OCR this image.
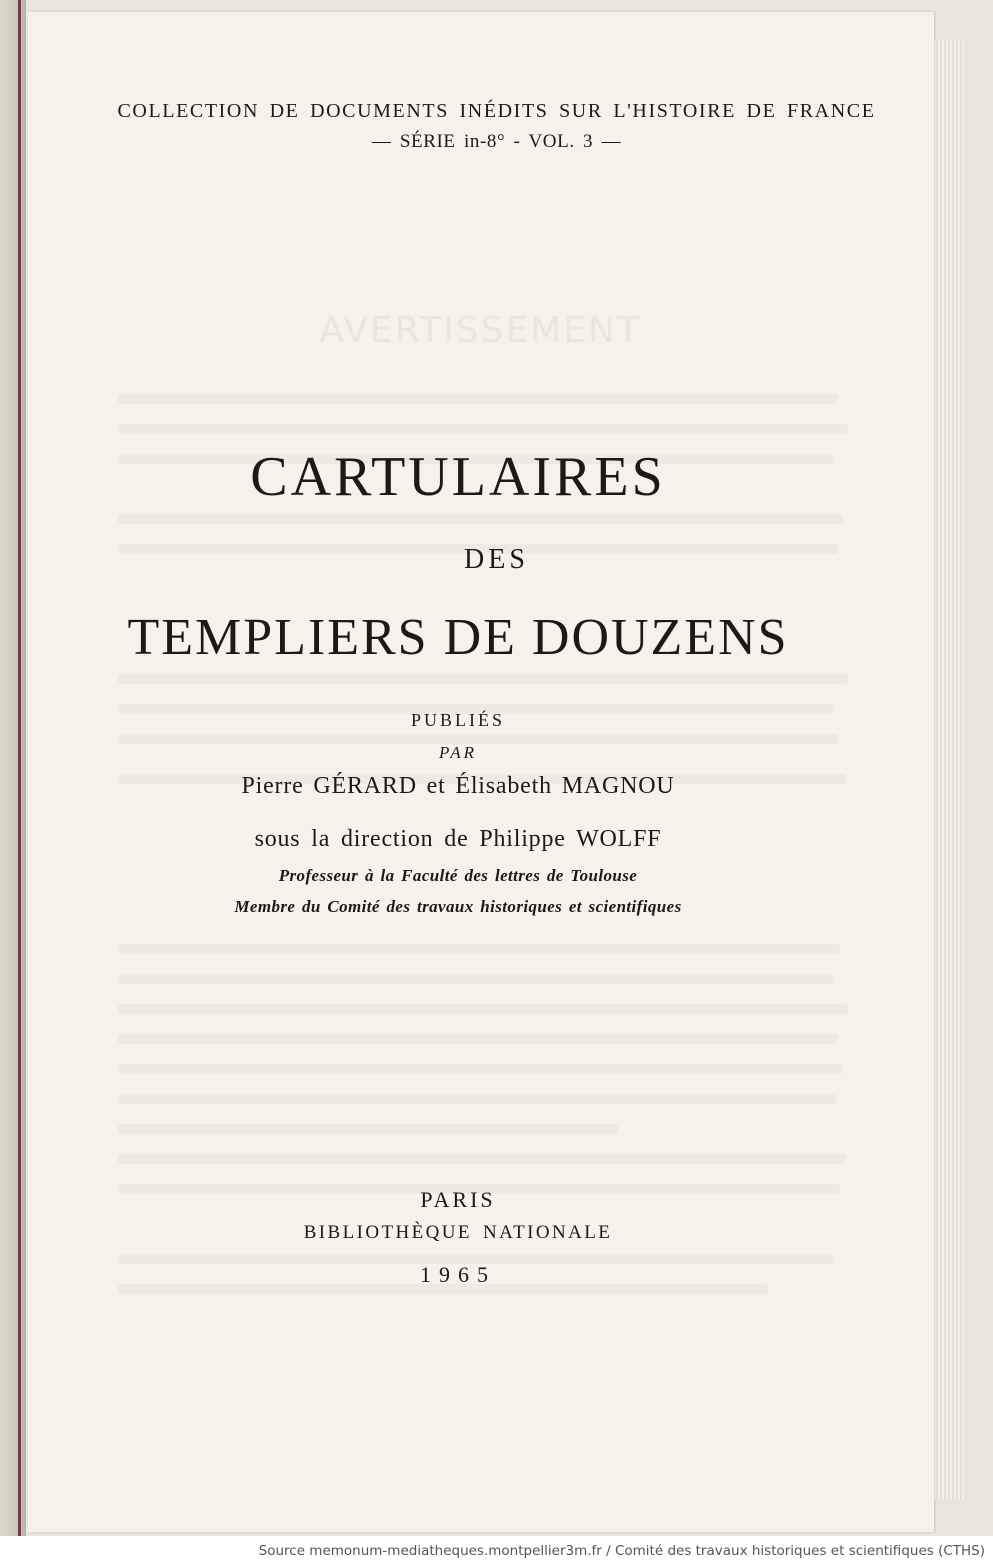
COLLECTION DE DOCUMENTS INÉDITS SUR L'HISTOIRE DE FRANCE
— SÉRIE in-8° - VOL. 3 —
CARTULAIRES
DES
TEMPLIERS DE DOUZENS
PUBLIÉS
PAR
Pierre GÉRARD et Élisabeth MAGNOU
sous la direction de Philippe WOLFF
Professeur à la Faculté des lettres de Toulouse
Membre du Comité des travaux historiques et scientifiques
PARIS
BIBLIOTHÈQUE NATIONALE
1965
Source memonum-mediatheques.montpellier3m.fr / Comité des travaux historiques et scientifiques (CTHS)
